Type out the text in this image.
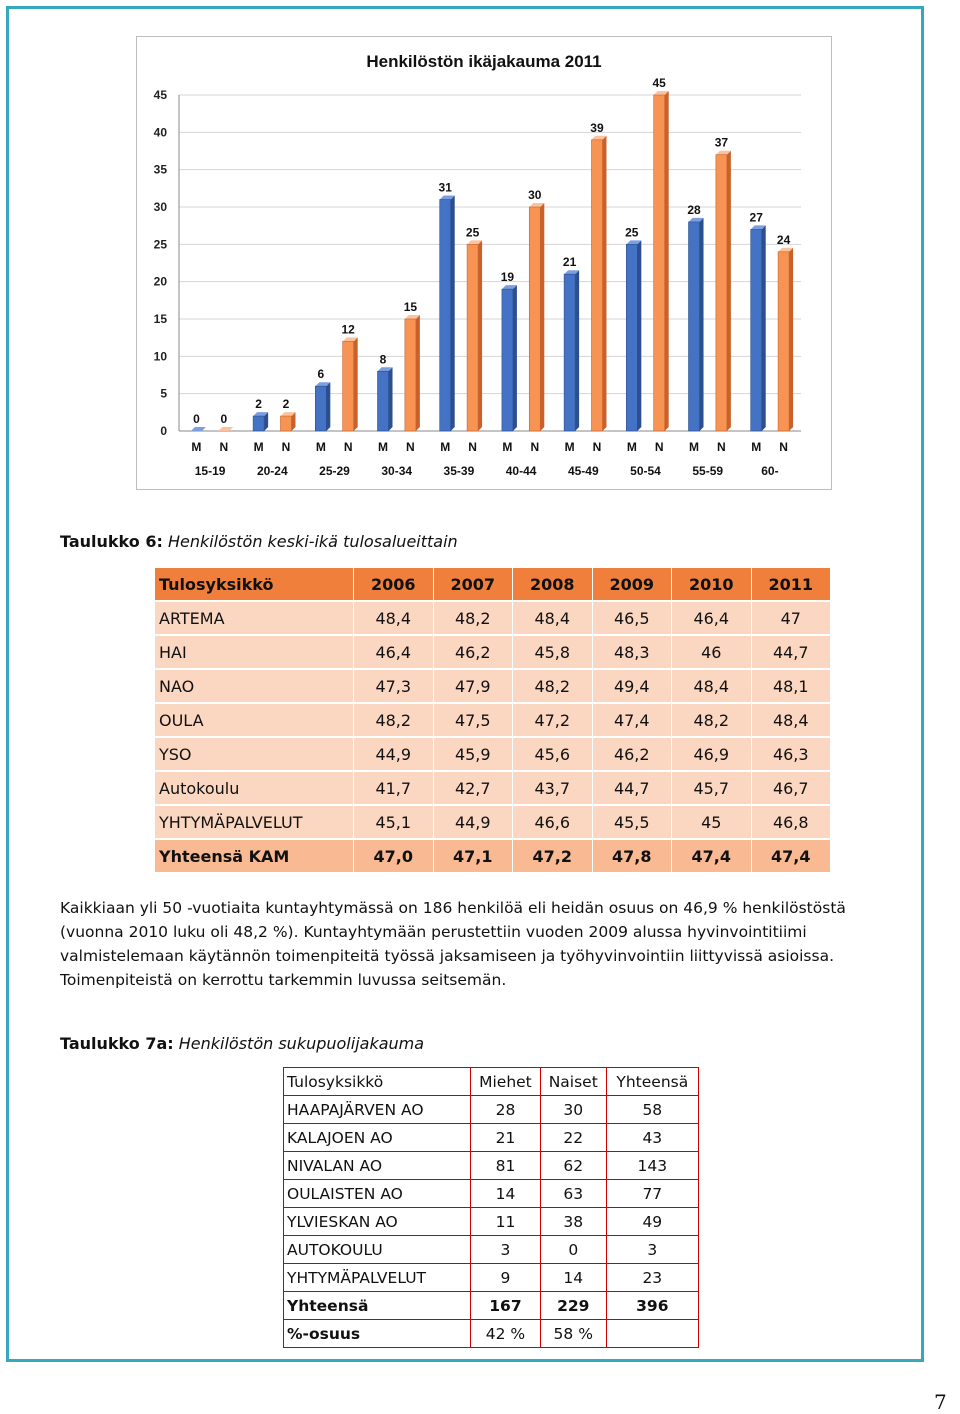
Henkilöstön ikäjakauma 2011
0
5
10
15
20
25
30
35
40
45
0
M
0
N
15-19
2
M
2
N
20-24
6
M
12
N
25-29
8
M
15
N
30-34
31
M
25
N
35-39
19
M
30
N
40-44
21
M
39
N
45-49
25
M
45
N
50-54
28
M
37
N
55-59
27
M
24
N
60-
Taulukko 6: Henkilöstön keski-ikä tulosalueittain
Tulosyksikkö	2006	2007	2008	2009	2010	2011
ARTEMA	48,4	48,2	48,4	46,5	46,4	47
HAI	46,4	46,2	45,8	48,3	46	44,7
NAO	47,3	47,9	48,2	49,4	48,4	48,1
OULA	48,2	47,5	47,2	47,4	48,2	48,4
YSO	44,9	45,9	45,6	46,2	46,9	46,3
Autokoulu	41,7	42,7	43,7	44,7	45,7	46,7
YHTYMÄPALVELUT	45,1	44,9	46,6	45,5	45	46,8
Yhteensä KAM	47,0	47,1	47,2	47,8	47,4	47,4
Kaikkiaan yli 50 -vuotiaita kuntayhtymässä on 186 henkilöä eli heidän osuus on 46,9 % henkilöstöstä (vuonna 2010 luku oli 48,2 %). Kuntayhtymään perustettiin vuoden 2009 alussa hyvinvointitiimi valmistelemaan käytännön toimenpiteitä työssä jaksamiseen ja työhyvinvointiin liittyvissä asioissa. Toimenpiteistä on kerrottu tarkemmin luvussa seitsemän.
Taulukko 7a: Henkilöstön sukupuolijakauma
Tulosyksikkö	Miehet	Naiset	Yhteensä
HAAPAJÄRVEN AO	28	30	58
KALAJOEN AO	21	22	43
NIVALAN AO	81	62	143
OULAISTEN AO	14	63	77
YLVIESKAN AO	11	38	49
AUTOKOULU	3	0	3
YHTYMÄPALVELUT	9	14	23
Yhteensä	167	229	396
%-osuus	42 %	58 %	
7
